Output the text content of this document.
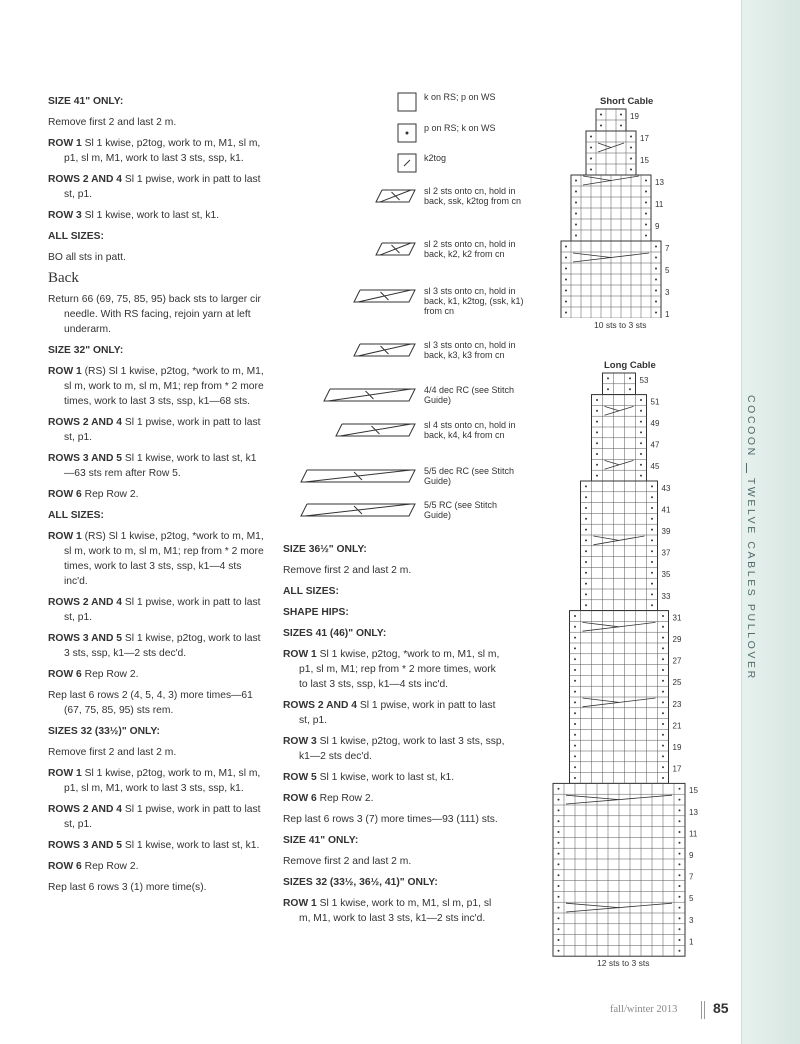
COCOONTWELVE CABLES PULLOVER

SIZE 41" ONLY:

Remove first 2 and last 2 m.

ROW 1 Sl 1 kwise, p2tog, work to m, M1, sl m, p1, sl m, M1, work to last 3 sts, ssp, k1.

ROWS 2 AND 4 Sl 1 pwise, work in patt to last st, p1.

ROW 3 Sl 1 kwise, work to last st, k1.

ALL SIZES:

BO all sts in patt.

Back

Return 66 (69, 75, 85, 95) back sts to larger cir needle. With RS facing, rejoin yarn at left underarm.

SIZE 32" ONLY:

ROW 1 (RS) Sl 1 kwise, p2tog, *work to m, M1, sl m, work to m, sl m, M1; rep from * 2 more times, work to last 3 sts, ssp, k1—68 sts.

ROWS 2 AND 4 Sl 1 pwise, work in patt to last st, p1.

ROWS 3 AND 5 Sl 1 kwise, work to last st, k1—63 sts rem after Row 5.

ROW 6 Rep Row 2.

ALL SIZES:

ROW 1 (RS) Sl 1 kwise, p2tog, *work to m, M1, sl m, work to m, sl m, M1; rep from * 2 more times, work to last 3 sts, ssp, k1—4 sts inc'd.

ROWS 2 AND 4 Sl 1 pwise, work in patt to last st, p1.

ROWS 3 AND 5 Sl 1 kwise, p2tog, work to last 3 sts, ssp, k1—2 sts dec'd.

ROW 6 Rep Row 2.

Rep last 6 rows 2 (4, 5, 4, 3) more times—61 (67, 75, 85, 95) sts rem.

SIZES 32 (33½)" ONLY:

Remove first 2 and last 2 m.

ROW 1 Sl 1 kwise, p2tog, work to m, M1, sl m, p1, sl m, M1, work to last 3 sts, ssp, k1.

ROWS 2 AND 4 Sl 1 pwise, work in patt to last st, p1.

ROWS 3 AND 5 Sl 1 kwise, work to last st, k1.

ROW 6 Rep Row 2.

Rep last 6 rows 3 (1) more time(s).

SIZE 36½" ONLY:

Remove first 2 and last 2 m.

ALL SIZES:

SHAPE HIPS:

SIZES 41 (46)" ONLY:

ROW 1 Sl 1 kwise, p2tog, *work to m, M1, sl m, p1, sl m, M1; rep from * 2 more times, work to last 3 sts, ssp, k1—4 sts inc'd.

ROWS 2 AND 4 Sl 1 pwise, work in patt to last st, p1.

ROW 3 Sl 1 kwise, p2tog, work to last 3 sts, ssp, k1—2 sts dec'd.

ROW 5 Sl 1 kwise, work to last st, k1.

ROW 6 Rep Row 2.

Rep last 6 rows 3 (7) more times—93 (111) sts.

SIZE 41" ONLY:

Remove first 2 and last 2 m.

SIZES 32 (33½, 36½, 41)" ONLY:

ROW 1 Sl 1 kwise, work to m, M1, sl m, p1, sl m, M1, work to last 3 sts, k1—2 sts inc'd.

k on RS; p on WS
p on RS; k on WS
k2tog
sl 2 sts onto cn, hold in back, ssk, k2tog from cn
sl 2 sts onto cn, hold in back, k2, k2 from cn
sl 3 sts onto cn, hold in back, k1, k2tog, (ssk, k1) from cn
sl 3 sts onto cn, hold in back, k3, k3 from cn
4/4 dec RC (see Stitch Guide)
sl 4 sts onto cn, hold in back, k4, k4 from cn
5/5 dec RC (see Stitch Guide)
5/5 RC (see Stitch Guide)
Short Cable
19
17
15
13
11
9
7
5
3
1
10 sts to 3 sts
Long Cable
53
51
49
47
45
43
41
39
37
35
33
31
29
27
25
23
21
19
17
15
13
11
9
7
5
3
1
12 sts to 3 sts
fall/winter 2013	85
